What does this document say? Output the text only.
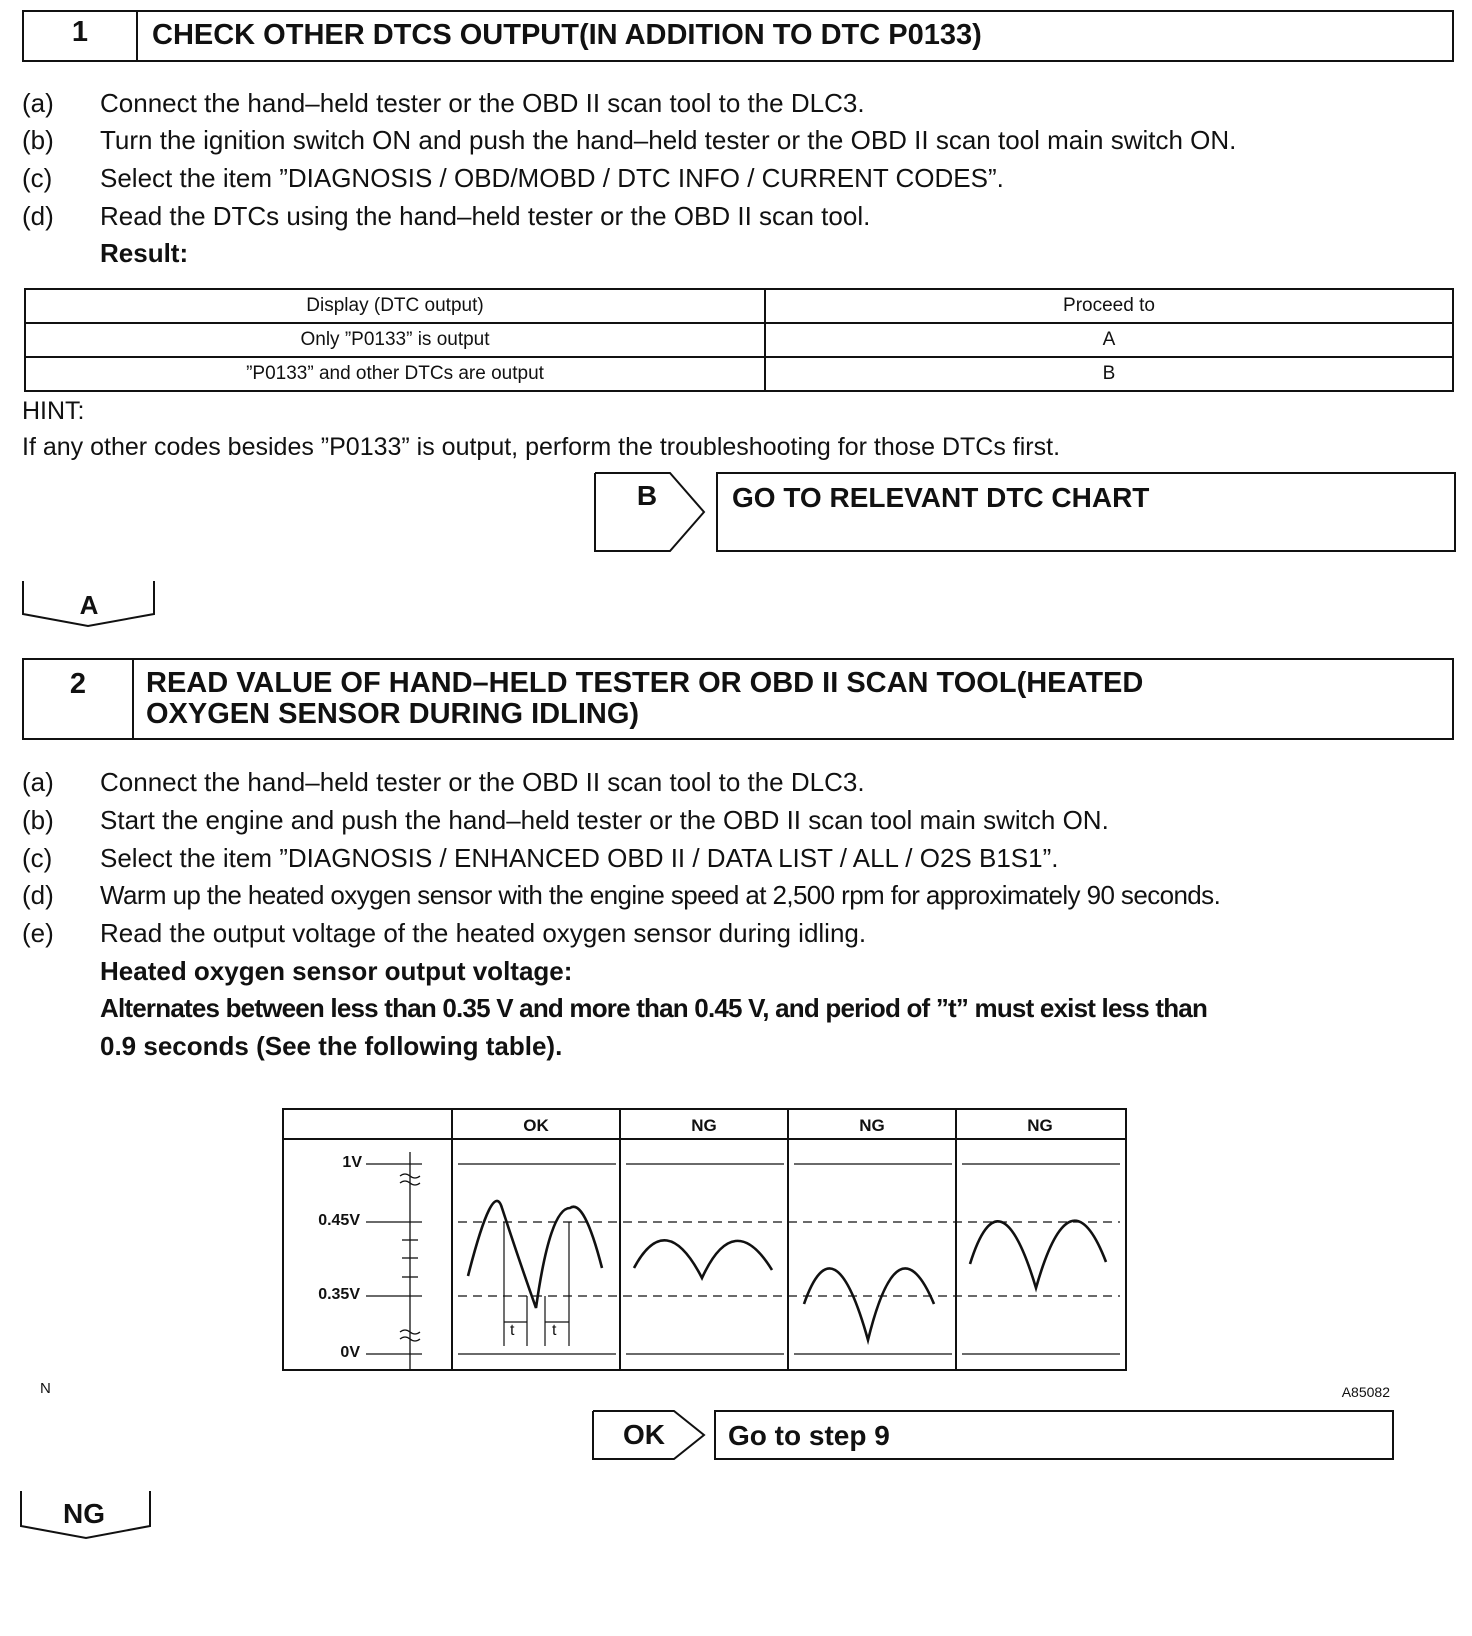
1	CHECK OTHER DTCS OUTPUT(IN ADDITION TO DTC P0133)
(a) Connect the hand–held tester or the OBD II scan tool to the DLC3.
(b) Turn the ignition switch ON and push the hand–held tester or the OBD II scan tool main switch ON.
(c) Select the item ”DIAGNOSIS / OBD/MOBD / DTC INFO / CURRENT CODES”.
(d) Read the DTCs using the hand–held tester or the OBD II scan tool.
Result:
Display (DTC output)	Proceed to
Only ”P0133” is output	A
”P0133” and other DTCs are output	B
HINT:
If any other codes besides ”P0133” is output, perform the troubleshooting for those DTCs first.
B	GO TO RELEVANT DTC CHART
A
2	READ VALUE OF HAND–HELD TESTER OR OBD II SCAN TOOL(HEATED
OXYGEN SENSOR DURING IDLING)
(a) Connect the hand–held tester or the OBD II scan tool to the DLC3.
(b) Start the engine and push the hand–held tester or the OBD II scan tool main switch ON.
(c) Select the item ”DIAGNOSIS / ENHANCED OBD II / DATA LIST / ALL / O2S B1S1”.
(d) Warm up the heated oxygen sensor with the engine speed at 2,500 rpm for approximately 90 seconds.
(e) Read the output voltage of the heated oxygen sensor during idling.
Heated oxygen sensor output voltage:
Alternates between less than 0.35 V and more than 0.45 V, and period of ”t” must exist less than
0.9 seconds (See the following table).
OK	NG	NG	NG
1V
0.45V
0.35V
0V
t t
N	A85082
OK	Go to step 9
NG
